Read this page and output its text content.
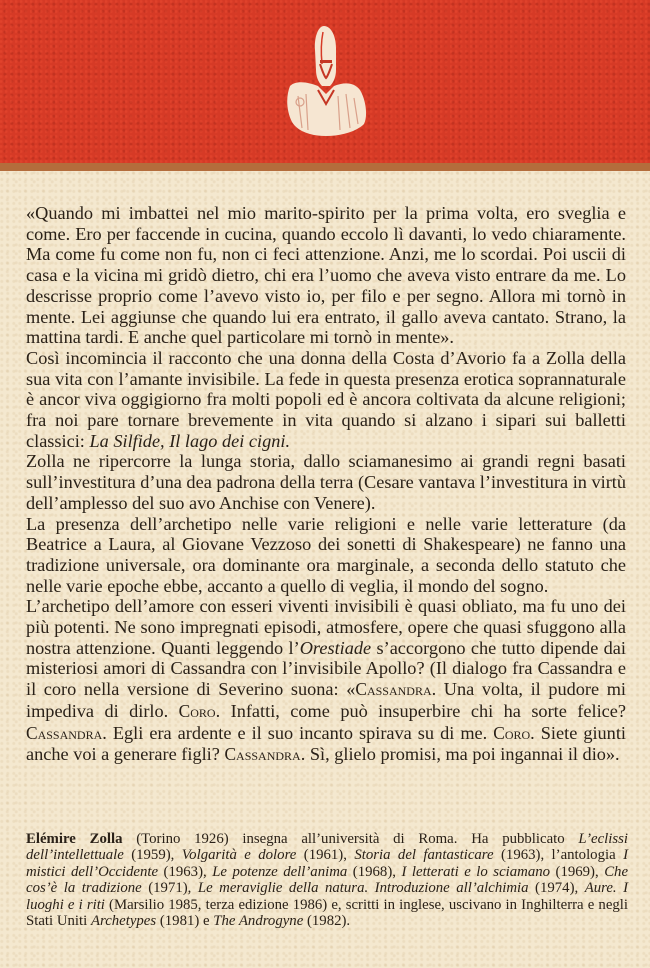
«Quando mi imbattei nel mio marito-spirito per la prima volta, ero sveglia e come. Ero per faccende in cucina, quando eccolo lì davanti, lo vedo chiaramente. Ma come fu come non fu, non ci feci attenzione. Anzi, me lo scordai. Poi uscii di casa e la vicina mi gridò dietro, chi era l’uomo che aveva visto entrare da me. Lo descrisse proprio come l’avevo visto io, per filo e per segno. Allora mi tornò in mente. Lei aggiunse che quando lui era entrato, il gallo aveva cantato. Strano, la mattina tardi. E anche quel particolare mi tornò in mente».

Così incomincia il racconto che una donna della Costa d’Avorio fa a Zolla della sua vita con l’amante invisibile. La fede in questa presenza erotica soprannaturale è ancor viva oggigiorno fra molti popoli ed è ancora coltivata da alcune religioni; fra noi pare tornare brevemente in vita quando si alzano i sipari sui balletti classici: La Silfide, Il lago dei cigni.

Zolla ne ripercorre la lunga storia, dallo sciamanesimo ai grandi regni basati sull’investitura d’una dea padrona della terra (Cesare vantava l’investitura in virtù dell’amplesso del suo avo Anchise con Venere).

La presenza dell’archetipo nelle varie religioni e nelle varie letterature (da Beatrice a Laura, al Giovane Vezzoso dei sonetti di Shakespeare) ne fanno una tradizione universale, ora dominante ora marginale, a seconda dello statuto che nelle varie epoche ebbe, accanto a quello di veglia, il mondo del sogno.

L’archetipo dell’amore con esseri viventi invisibili è quasi obliato, ma fu uno dei più potenti. Ne sono impregnati episodi, atmosfere, opere che quasi sfuggono alla nostra attenzione. Quanti leggendo l’Orestiade s’accorgono che tutto dipende dai misteriosi amori di Cassandra con l’invisibile Apollo? (Il dialogo fra Cassandra e il coro nella versione di Severino suona: «Cassandra. Una volta, il pudore mi impediva di dirlo. Coro. Infatti, come può insuperbire chi ha sorte felice? Cassandra. Egli era ardente e il suo incanto spirava su di me. Coro. Siete giunti anche voi a generare figli? Cassandra. Sì, glielo promisi, ma poi ingannai il dio».

Elémire Zolla (Torino 1926) insegna all’università di Roma. Ha pubblicato L’eclissi dell’intellettuale (1959), Volgarità e dolore (1961), Storia del fantasticare (1963), l’antologia I mistici dell’Occidente (1963), Le potenze dell’anima (1968), I letterati e lo sciamano (1969), Che cos’è la tradizione (1971), Le meraviglie della natura. Introduzione all’alchimia (1974), Aure. I luoghi e i riti (Marsilio 1985, terza edizione 1986) e, scritti in inglese, uscivano in Inghilterra e negli Stati Uniti Archetypes (1981) e The Androgyne (1982).
